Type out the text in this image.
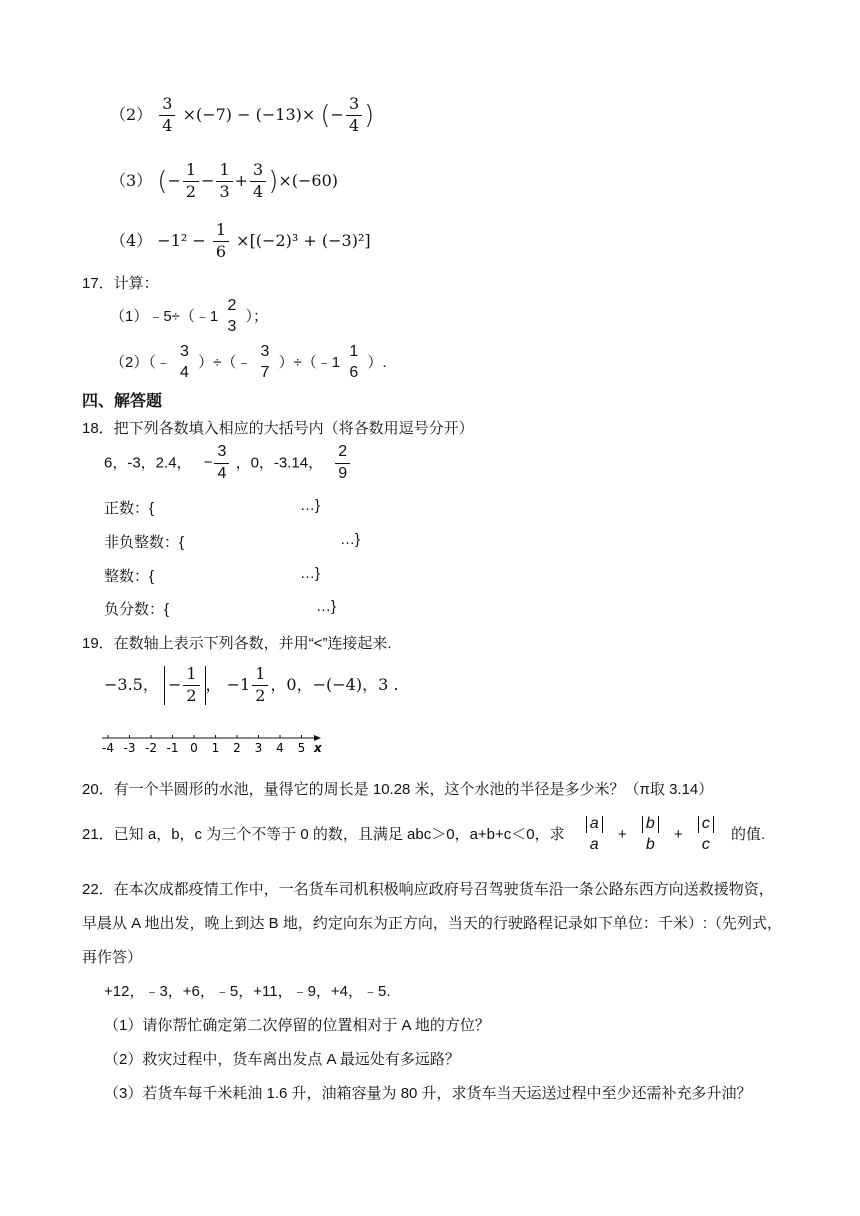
$(2) \frac{3}{4} \times(-7) - (-13)\times$ (− $\frac{3}{4}$ )
（3） (− $\frac{1}{2} - \frac{1}{3} + \frac{3}{4} )\times(-60)$
$(4) -1^2 - \frac{1}{6} \times[(-2)^3 + (-3)^2]$
17．计算：
（1）﹣5÷（﹣1
2
3
）；
（2）（﹣
3
4
）÷（﹣
3
7
）÷（﹣1
1
6
）.
四、解答题
18．把下列各数填入相应的大括号内（将各数用逗号分开）
6，-3，2.4， − $\frac{3}{4}$ ，0，-3.14， $\frac{2}{9}$
正数：{	…}
非负整数：{	…}
整数：{	…}
负分数：{	…}
19．在数轴上表示下列各数，并用“<”连接起来.
−3.5， − $\frac{1}{2}$ ， $-1 \frac{1}{2}$ ，0，−(−4)，3 .
-4 -3 -2 -1 0 1 2 3 4 5 x
20．有一个半圆形的水池，量得它的周长是 10.28 米，这个水池的半径是多少米？（π取 3.14）
21．已知 a，b，c 为三个不等于 0 的数，且满足 abc＞0，a+b+c＜0，求
a
a
+
b
b
+
c
c
的值.
22．在本次成都疫情工作中，一名货车司机积极响应政府号召驾驶货车沿一条公路东西方向送救援物资，
早晨从 A 地出发，晚上到达 B 地，约定向东为正方向，当天的行驶路程记录如下单位：千米）:（先列式，
再作答）
+12，﹣3，+6，﹣5，+11，﹣9，+4，﹣5.
（1）请你帮忙确定第二次停留的位置相对于 A 地的方位？
（2）救灾过程中，货车离出发点 A 最远处有多远路？
（3）若货车每千米耗油 1.6 升，油箱容量为 80 升，求货车当天运送过程中至少还需补充多升油？
